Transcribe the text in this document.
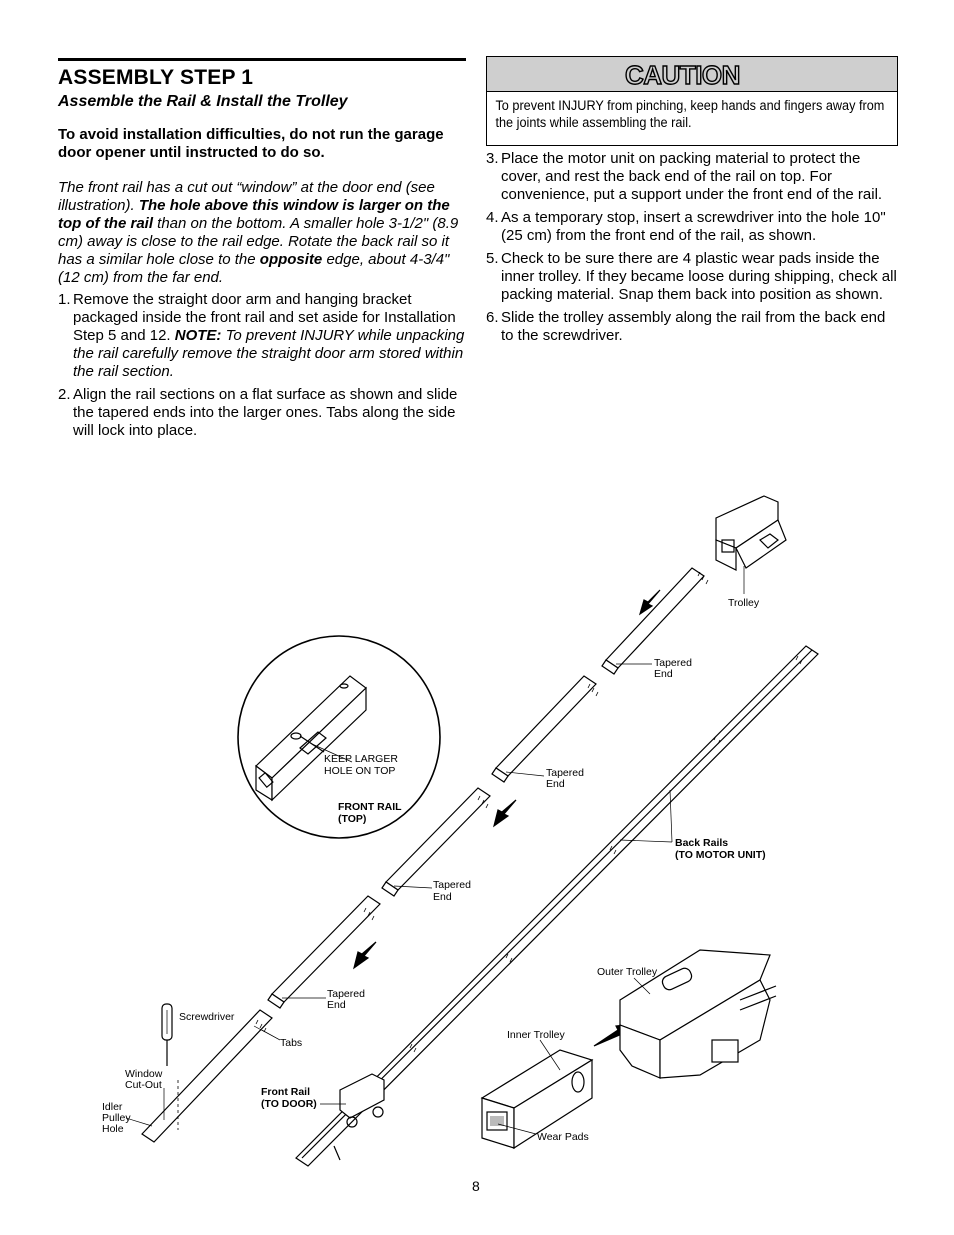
ASSEMBLY STEP 1
Assemble the Rail & Install the Trolley

To avoid installation difficulties, do not run the garage door opener until instructed to do so.

The front rail has a cut out “window” at the door end (see illustration). The hole above this window is larger on the top of the rail than on the bottom. A smaller hole 3-1/2" (8.9 cm) away is close to the rail edge. Rotate the back rail so it has a similar hole close to the opposite edge, about 4-3/4" (12 cm) from the far end.

1. Remove the straight door arm and hanging bracket packaged inside the front rail and set aside for Installation Step 5 and 12. NOTE: To prevent INJURY while unpacking the rail carefully remove the straight door arm stored within the rail section.
2. Align the rail sections on a flat surface as shown and slide the tapered ends into the larger ones. Tabs along the side will lock into place.
CAUTION
To prevent INJURY from pinching, keep hands and fingers away from the joints while assembling the rail.
3. Place the motor unit on packing material to protect the cover, and rest the back end of the rail on top. For convenience, put a support under the front end of the rail.
4. As a temporary stop, insert a screwdriver into the hole 10" (25 cm) from the front end of the rail, as shown.
5. Check to be sure there are 4 plastic wear pads inside the inner trolley. If they became loose during shipping, check all packing material. Snap them back into position as shown.
6. Slide the trolley assembly along the rail from the back end to the screwdriver.
Trolley
Tapered
End
Tapered
End
Tapered
End
Tapered
End
KEEP LARGER
HOLE ON TOP
FRONT RAIL
(TOP)
Back Rails
(TO MOTOR UNIT)
Outer Trolley
Inner Trolley
Wear Pads
Screwdriver
Tabs
Window
Cut-Out
Idler
Pulley
Hole
Front Rail
(TO DOOR)
8
